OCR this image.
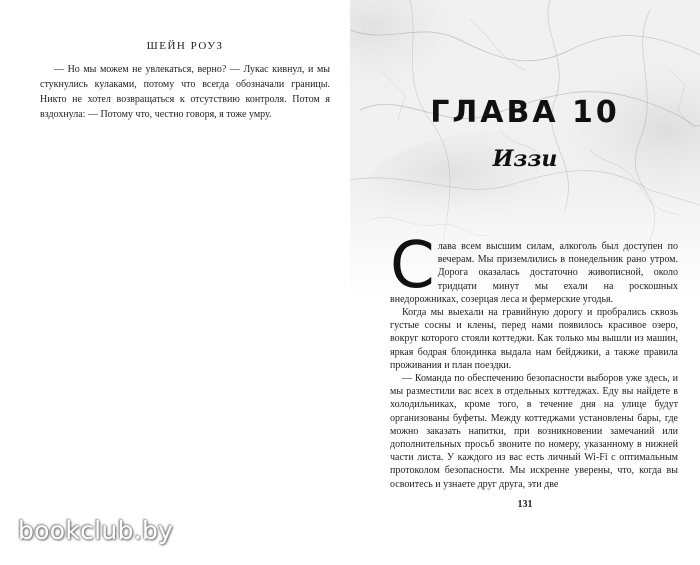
ШЕЙН РОУЗ

— Но мы можем не увлекаться, верно? — Лукас кивнул, и мы стукнулись кулаками, потому что всегда обозначали границы. Никто не хотел возвращаться к отсутствию контроля. Потом я вздохнула: — Потому что, честно говоря, я тоже умру.	ГЛАВА 10
Иззи
С лава всем высшим силам, алкоголь был доступен по вечерам. Мы приземлились в понедельник рано утром. Дорога оказалась достаточно живописной, около тридцати минут мы ехали на роскошных внедорожниках, созерцая леса и фермерские угодья.

Когда мы выехали на гравийную дорогу и пробрались сквозь густые сосны и клены, перед нами появилось красивое озеро, вокруг которого стояли коттеджи. Как только мы вышли из машин, яркая бодрая блондинка выдала нам бейджики, а также правила проживания и план поездки.

— Команда по обеспечению безопасности выборов уже здесь, и мы разместили вас всех в отдельных коттеджах. Еду вы найдете в холодильниках, кроме того, в течение дня на улице будут организованы буфеты. Между коттеджами установлены бары, где можно заказать напитки, при возникновении замечаний или дополнительных просьб звоните по номеру, указанному в нижней части листа. У каждого из вас есть личный Wi-Fi с оптимальным протоколом безопасности. Мы искренне уверены, что, когда вы освоитесь и узнаете друг друга, эти две

131
bookclub.by
